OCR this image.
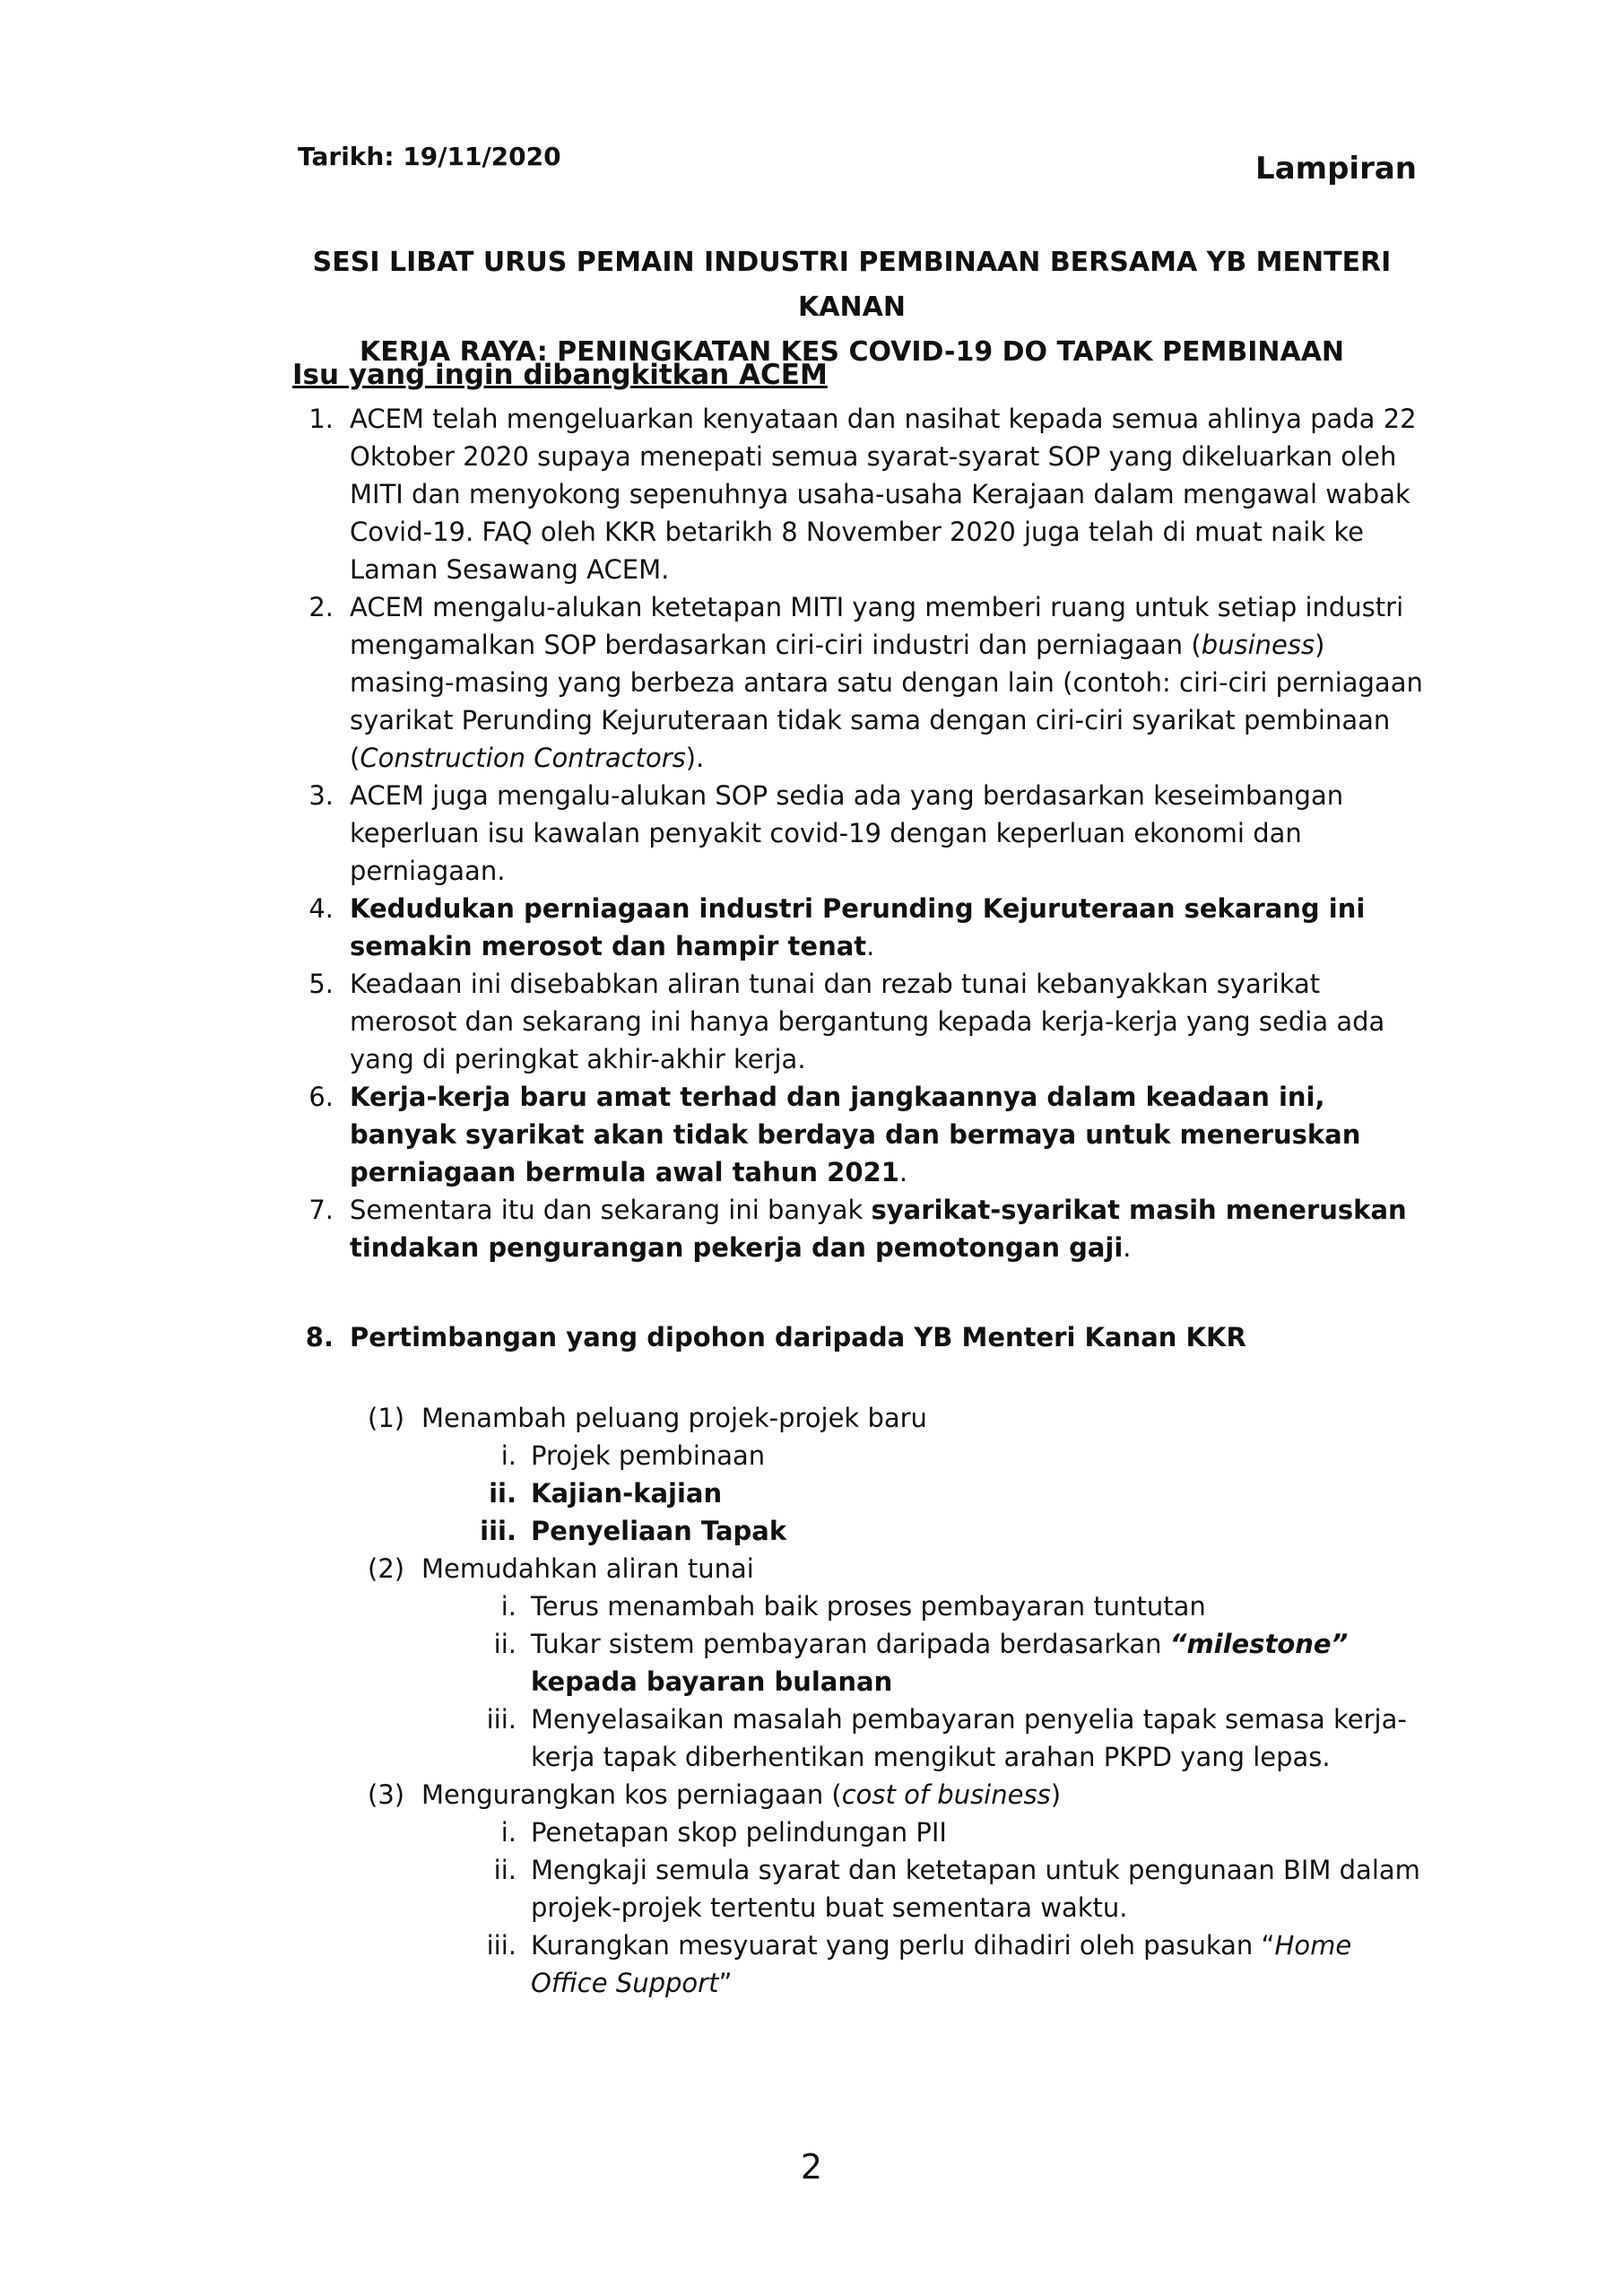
Tarikh: 19/11/2020	Lampiran
SESI LIBAT URUS PEMAIN INDUSTRI PEMBINAAN BERSAMA YB MENTERI KANAN
KERJA RAYA: PENINGKATAN KES COVID-19 DO TAPAK PEMBINAAN
Isu yang ingin dibangkitkan ACEM
1. ACEM telah mengeluarkan kenyataan dan nasihat kepada semua ahlinya pada 22 Oktober 2020 supaya menepati semua syarat-syarat SOP yang dikeluarkan oleh MITI dan menyokong sepenuhnya usaha-usaha Kerajaan dalam mengawal wabak Covid-19. FAQ oleh KKR betarikh 8 November 2020 juga telah di muat naik ke Laman Sesawang ACEM.
2. ACEM mengalu-alukan ketetapan MITI yang memberi ruang untuk setiap industri mengamalkan SOP berdasarkan ciri-ciri industri dan perniagaan (business) masing-masing yang berbeza antara satu dengan lain (contoh: ciri-ciri perniagaan syarikat Perunding Kejuruteraan tidak sama dengan ciri-ciri syarikat pembinaan (Construction Contractors).
3. ACEM juga mengalu-alukan SOP sedia ada yang berdasarkan keseimbangan keperluan isu kawalan penyakit covid-19 dengan keperluan ekonomi dan perniagaan.
4. Kedudukan perniagaan industri Perunding Kejuruteraan sekarang ini semakin merosot dan hampir tenat.
5. Keadaan ini disebabkan aliran tunai dan rezab tunai kebanyakkan syarikat merosot dan sekarang ini hanya bergantung kepada kerja-kerja yang sedia ada yang di peringkat akhir-akhir kerja.
6. Kerja-kerja baru amat terhad dan jangkaannya dalam keadaan ini, banyak syarikat akan tidak berdaya dan bermaya untuk meneruskan perniagaan bermula awal tahun 2021.
7. Sementara itu dan sekarang ini banyak syarikat-syarikat masih meneruskan tindakan pengurangan pekerja dan pemotongan gaji.
8. Pertimbangan yang dipohon daripada YB Menteri Kanan KKR
(1) Menambah peluang projek-projek baru
i. Projek pembinaan
ii. Kajian-kajian
iii. Penyeliaan Tapak
(2) Memudahkan aliran tunai
i. Terus menambah baik proses pembayaran tuntutan
ii. Tukar sistem pembayaran daripada berdasarkan “milestone” kepada bayaran bulanan
iii. Menyelasaikan masalah pembayaran penyelia tapak semasa kerja-kerja tapak diberhentikan mengikut arahan PKPD yang lepas.
(3) Mengurangkan kos perniagaan (cost of business)
i. Penetapan skop pelindungan PII
ii. Mengkaji semula syarat dan ketetapan untuk pengunaan BIM dalam projek-projek tertentu buat sementara waktu.
iii. Kurangkan mesyuarat yang perlu dihadiri oleh pasukan “Home Office Support”
2
